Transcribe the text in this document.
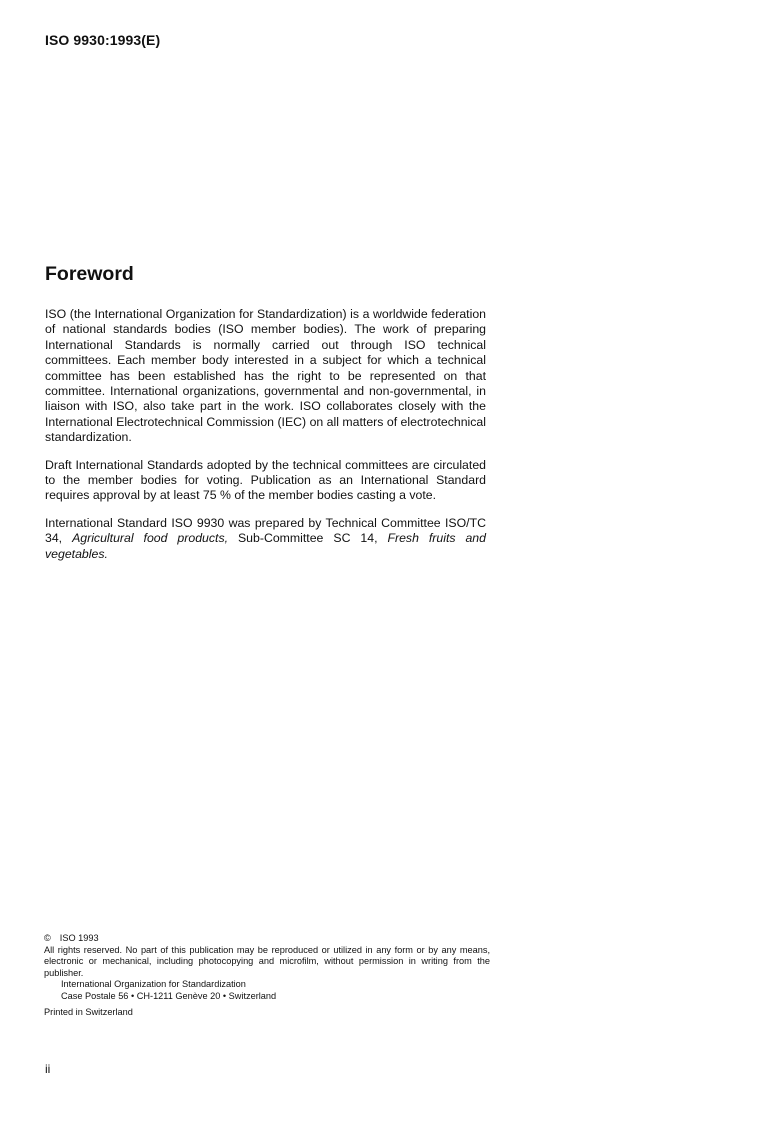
ISO 9930:1993(E)
Foreword

ISO (the International Organization for Standardization) is a worldwide federation of national standards bodies (ISO member bodies). The work of preparing International Standards is normally carried out through ISO technical committees. Each member body interested in a subject for which a technical committee has been established has the right to be represented on that committee. International organizations, governmental and non-governmental, in liaison with ISO, also take part in the work. ISO collaborates closely with the International Electrotechnical Commission (IEC) on all matters of electrotechnical standardization.

Draft International Standards adopted by the technical committees are circulated to the member bodies for voting. Publication as an International Standard requires approval by at least 75 % of the member bodies casting a vote.

International Standard ISO 9930 was prepared by Technical Committee ISO/TC 34, Agricultural food products, Sub-Committee SC 14, Fresh fruits and vegetables.

© ISO 1993
All rights reserved. No part of this publication may be reproduced or utilized in any form or by any means, electronic or mechanical, including photocopying and microfilm, without permission in writing from the publisher.
International Organization for Standardization
Case Postale 56 • CH-1211 Genève 20 • Switzerland
Printed in Switzerland
ii
